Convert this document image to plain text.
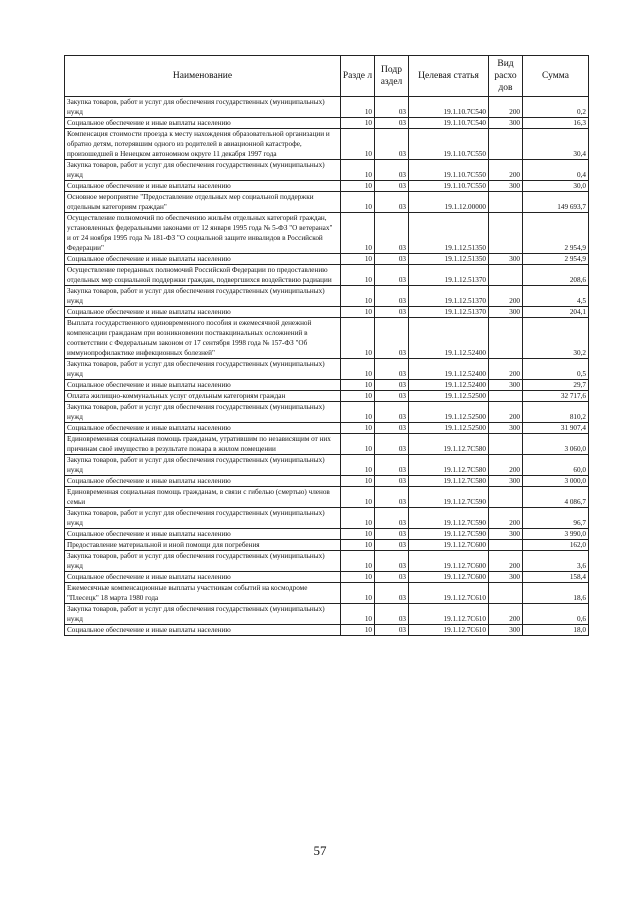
Наименование	Разде л	Подр аздел	Целевая статья	Вид расхо дов	Сумма
Закупка товаров, работ и услуг для обеспечения государственных (муниципальных) нужд	10	03	19.1.10.7С540	200	0,2
Социальное обеспечение и иные выплаты населению	10	03	19.1.10.7С540	300	16,3
Компенсация стоимости проезда к месту нахождения образовательной организации и обратно детям, потерявшим одного из родителей в авиационной катастрофе, произошедшей в Ненецком автономном округе 11 декабря 1997 года	10	03	19.1.10.7С550		30,4
Закупка товаров, работ и услуг для обеспечения государственных (муниципальных) нужд	10	03	19.1.10.7С550	200	0,4
Социальное обеспечение и иные выплаты населению	10	03	19.1.10.7С550	300	30,0
Основное мероприятие "Предоставление отдельных мер социальной поддержки отдельным категориям граждан"	10	03	19.1.12.00000		149 693,7
Осуществление полномочий по обеспечению жильём отдельных категорий граждан, установленных федеральными законами от 12 января 1995 года № 5-ФЗ "О ветеранах" и от 24 ноября 1995 года № 181-ФЗ "О социальной защите инвалидов в Российской Федерации"	10	03	19.1.12.51350		2 954,9
Социальное обеспечение и иные выплаты населению	10	03	19.1.12.51350	300	2 954,9
Осуществление переданных полномочий Российской Федерации по предоставлению отдельных мер социальной поддержки граждан, подвергшихся воздействию радиации	10	03	19.1.12.51370		208,6
Закупка товаров, работ и услуг для обеспечения государственных (муниципальных) нужд	10	03	19.1.12.51370	200	4,5
Социальное обеспечение и иные выплаты населению	10	03	19.1.12.51370	300	204,1
Выплата государственного единовременного пособия и ежемесячной денежной компенсации гражданам при возникновении поствакцинальных осложнений в соответствии с Федеральным законом от 17 сентября 1998 года № 157-ФЗ "Об иммунопрофилактике инфекционных болезней"	10	03	19.1.12.52400		30,2
Закупка товаров, работ и услуг для обеспечения государственных (муниципальных) нужд	10	03	19.1.12.52400	200	0,5
Социальное обеспечение и иные выплаты населению	10	03	19.1.12.52400	300	29,7
Оплата жилищно-коммунальных услуг отдельным категориям граждан	10	03	19.1.12.52500		32 717,6
Закупка товаров, работ и услуг для обеспечения государственных (муниципальных) нужд	10	03	19.1.12.52500	200	810,2
Социальное обеспечение и иные выплаты населению	10	03	19.1.12.52500	300	31 907,4
Единовременная социальная помощь гражданам, утратившим по независящим от них причинам своё имущество в результате пожара в жилом помещении	10	03	19.1.12.7С580		3 060,0
Закупка товаров, работ и услуг для обеспечения государственных (муниципальных) нужд	10	03	19.1.12.7С580	200	60,0
Социальное обеспечение и иные выплаты населению	10	03	19.1.12.7С580	300	3 000,0
Единовременная социальная помощь гражданам, в связи с гибелью (смертью) членов семьи	10	03	19.1.12.7С590		4 086,7
Закупка товаров, работ и услуг для обеспечения государственных (муниципальных) нужд	10	03	19.1.12.7С590	200	96,7
Социальное обеспечение и иные выплаты населению	10	03	19.1.12.7С590	300	3 990,0
Предоставление материальной и иной помощи для погребения	10	03	19.1.12.7С600		162,0
Закупка товаров, работ и услуг для обеспечения государственных (муниципальных) нужд	10	03	19.1.12.7С600	200	3,6
Социальное обеспечение и иные выплаты населению	10	03	19.1.12.7С600	300	158,4
Ежемесячные компенсационные выплаты участникам событий на космодроме "Плесецк" 18 марта 1980 года	10	03	19.1.12.7С610		18,6
Закупка товаров, работ и услуг для обеспечения государственных (муниципальных) нужд	10	03	19.1.12.7С610	200	0,6
Социальное обеспечение и иные выплаты населению	10	03	19.1.12.7С610	300	18,0
57
